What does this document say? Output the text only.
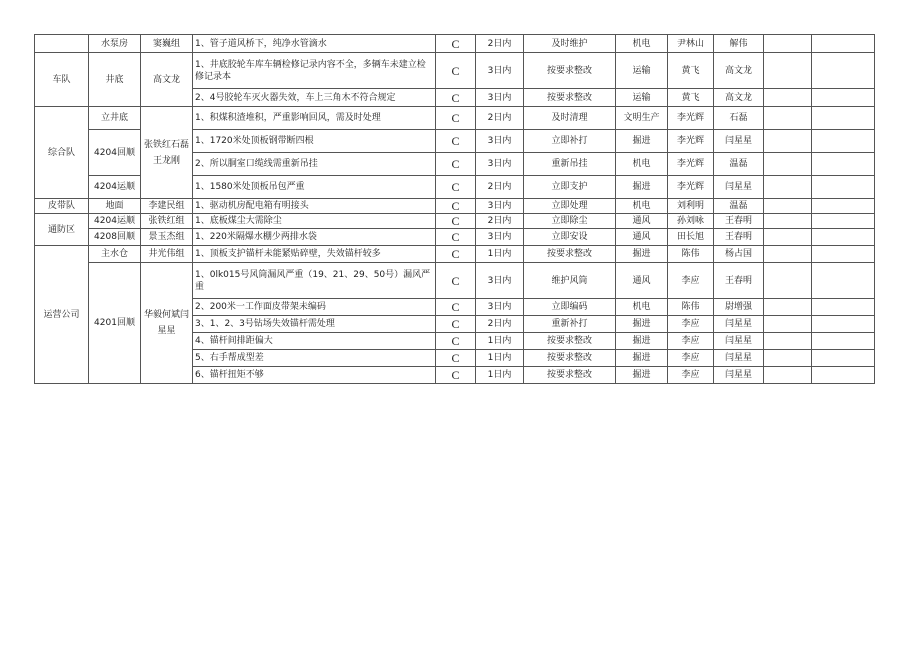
	水泵房	窦巍组	1、管子道风桥下，纯净水管滴水	C	2日内	及时维护	机电	尹林山	解伟		
车队	井底	高文龙	1、井底胶轮车库车辆检修记录内容不全，多辆车未建立检修记录本	C	3日内	按要求整改	运输	黄飞	高文龙		
			2、4号胶轮车灭火器失效，车上三角木不符合规定	C	3日内	按要求整改	运输	黄飞	高文龙		
综合队	立井底	张铁红石磊王龙刚	1、积煤积渣堆积，严重影响回风，需及时处理	C	2日内	及时清理	文明生产	李光辉	石磊		
	4204回顺		1、1720米处顶板钢带断四根	C	3日内	立即补打	掘进	李光辉	闫星星		
			2、所以胴室口缆线需重新吊挂	C	3日内	重新吊挂	机电	李光辉	温磊		
	4204运顺		1、1580米处顶板吊包严重	C	2日内	立即支护	掘进	李光辉	闫星星		
皮带队	地面	李建民组	1、驱动机房配电箱有明接头	C	3日内	立即处理	机电	刘利明	温磊		
通防区	4204运顺	张铁红组	1、底板煤尘大需除尘	C	2日内	立即除尘	通风	孙刘咏	王春明		
	4208回顺	景玉杰组	1、220米隔爆水棚少两排水袋	C	3日内	立即安设	通风	田长旭	王春明		
运营公司	主水仓	井光伟组	1、顶板支护锚杆未能紧贴碎壁，失效锚杆较多	C	1日内	按要求整改	掘进	陈伟	杨占国		
	4201回顺	华毅何斌闫星星	1、0lk015号风筒漏风严重（19、21、29、50号）漏风严重	C	3日内	维护风筒	通风	李应	王春明		
			2、200米一工作面皮带架未编码	C	3日内	立即编码	机电	陈伟	尉增强		
			3、1、2、3号钻场失效锚杆需处理	C	2日内	重新补打	掘进	李应	闫星星		
			4、锚杆间排距偏大	C	1日内	按要求整改	掘进	李应	闫星星		
			5、右手帮成型差	C	1日内	按要求整改	掘进	李应	闫星星		
			6、锚杆扭矩不够	C	1日内	按要求整改	掘进	李应	闫星星		
